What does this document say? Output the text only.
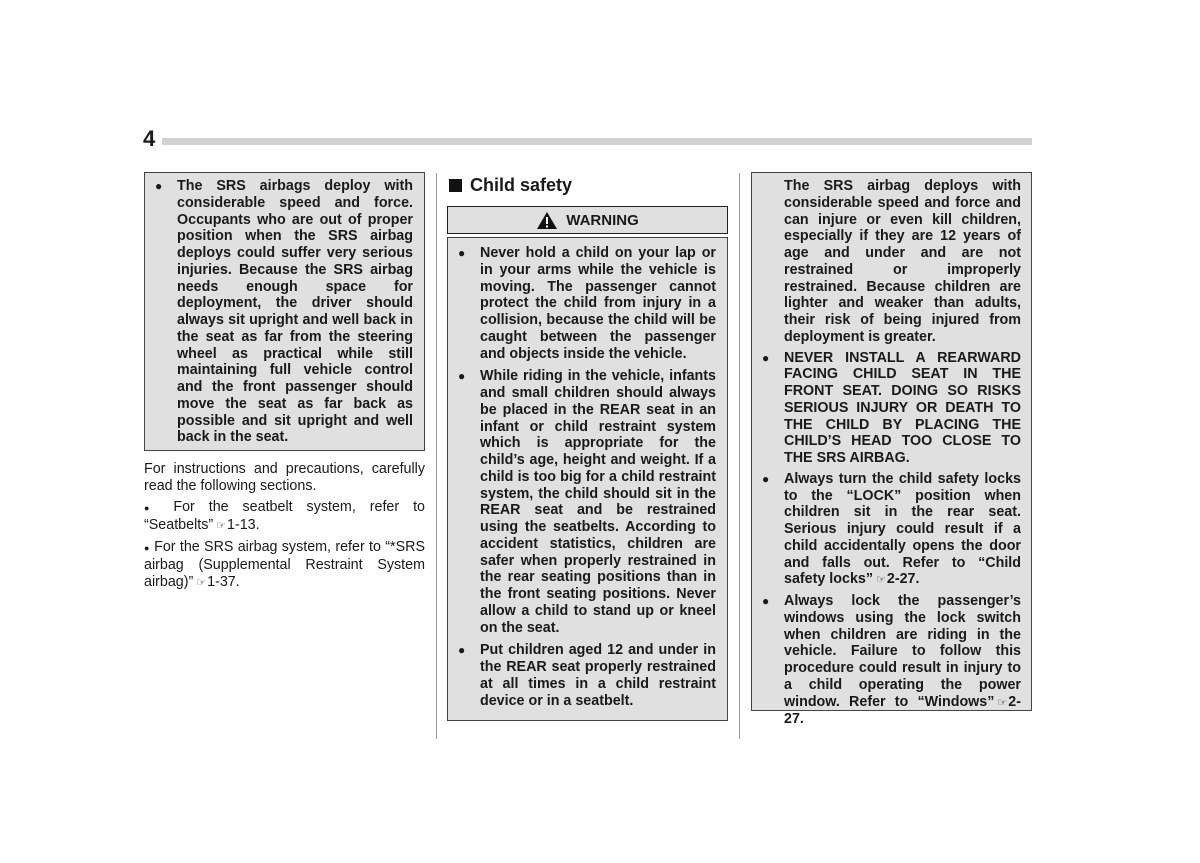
4
● The SRS airbags deploy with considerable speed and force. Occupants who are out of proper position when the SRS airbag deploys could suffer very serious injuries. Because the SRS airbag needs enough space for deployment, the driver should always sit upright and well back in the seat as far from the steering wheel as practical while still maintaining full vehicle control and the front passenger should move the seat as far back as possible and sit upright and well back in the seat.

For instructions and precautions, carefully read the following sections.

● For the seatbelt system, refer to “Seatbelts” ☞1-13.

● For the SRS airbag system, refer to “*SRS airbag (Supplemental Restraint System airbag)” ☞1-37.

Child safety
WARNING
● Never hold a child on your lap or in your arms while the vehicle is moving. The passenger cannot protect the child from injury in a collision, because the child will be caught between the passenger and objects inside the vehicle.
● While riding in the vehicle, infants and small children should always be placed in the REAR seat in an infant or child restraint system which is appropriate for the child’s age, height and weight. If a child is too big for a child restraint system, the child should sit in the REAR seat and be restrained using the seatbelts. According to accident statistics, children are safer when properly restrained in the rear seating positions than in the front seating positions. Never allow a child to stand up or kneel on the seat.
● Put children aged 12 and under in the REAR seat properly restrained at all times in a child restraint device or in a seatbelt.
The SRS airbag deploys with considerable speed and force and can injure or even kill children, especially if they are 12 years of age and under and are not restrained or improperly restrained. Because children are lighter and weaker than adults, their risk of being injured from deployment is greater.
● NEVER INSTALL A REARWARD FACING CHILD SEAT IN THE FRONT SEAT. DOING SO RISKS SERIOUS INJURY OR DEATH TO THE CHILD BY PLACING THE CHILD’S HEAD TOO CLOSE TO THE SRS AIRBAG.
● Always turn the child safety locks to the “LOCK” position when children sit in the rear seat. Serious injury could result if a child accidentally opens the door and falls out. Refer to “Child safety locks” ☞2-27.
● Always lock the passenger’s windows using the lock switch when children are riding in the vehicle. Failure to follow this procedure could result in injury to a child operating the power window. Refer to “Windows” ☞2-27.
